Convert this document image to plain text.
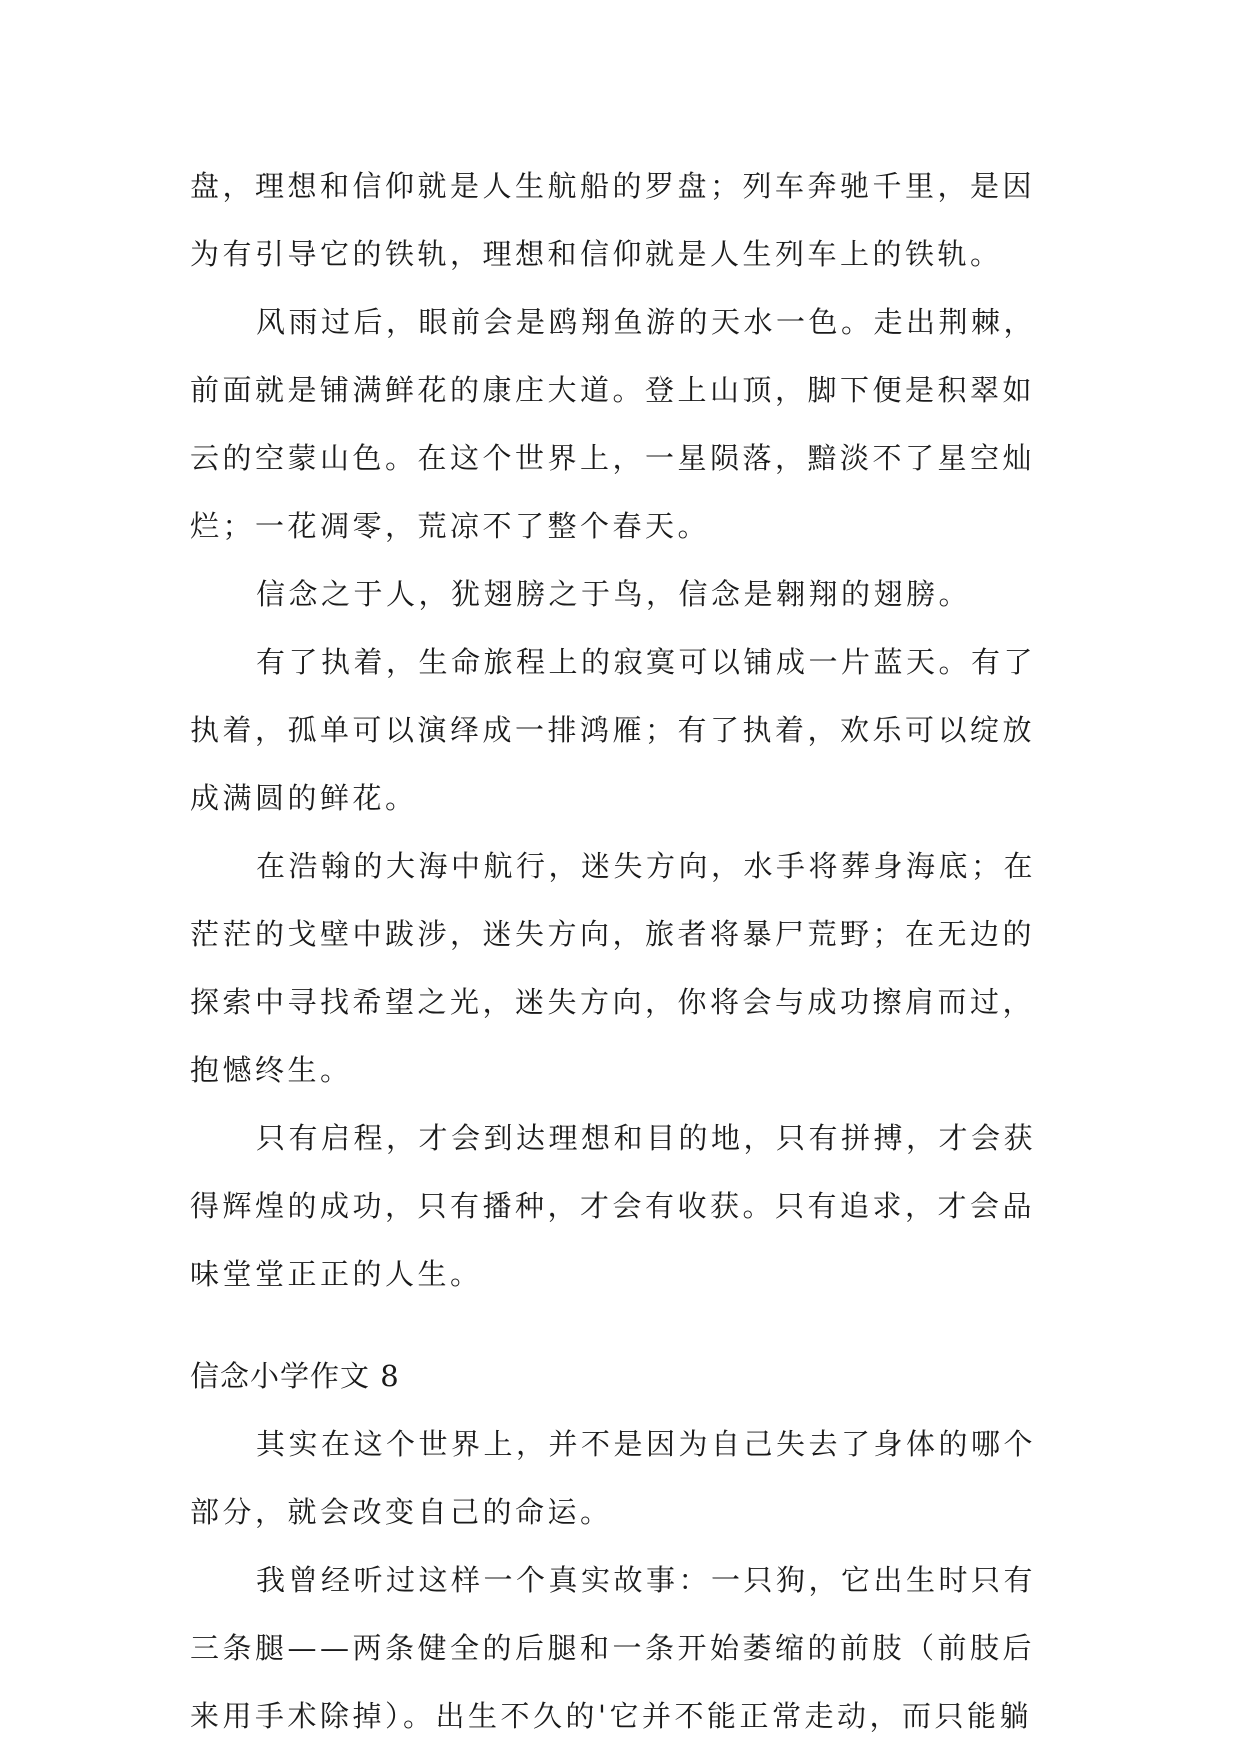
盘，理想和信仰就是人生航船的罗盘；列车奔驰千里，是因
为有引导它的铁轨，理想和信仰就是人生列车上的铁轨。
风雨过后，眼前会是鸥翔鱼游的天水一色。走出荆棘，
前面就是铺满鲜花的康庄大道。登上山顶，脚下便是积翠如
云的空蒙山色。在这个世界上，一星陨落，黯淡不了星空灿
烂；一花凋零，荒凉不了整个春天。
信念之于人，犹翅膀之于鸟，信念是翱翔的翅膀。
有了执着，生命旅程上的寂寞可以铺成一片蓝天。有了
执着，孤单可以演绎成一排鸿雁；有了执着，欢乐可以绽放
成满圆的鲜花。
在浩翰的大海中航行，迷失方向，水手将葬身海底；在
茫茫的戈壁中跋涉，迷失方向，旅者将暴尸荒野；在无边的
探索中寻找希望之光，迷失方向，你将会与成功擦肩而过，
抱憾终生。
只有启程，才会到达理想和目的地，只有拼搏，才会获
得辉煌的成功，只有播种，才会有收获。只有追求，才会品
味堂堂正正的人生。
信念小学作文 8
其实在这个世界上，并不是因为自己失去了身体的哪个
部分，就会改变自己的命运。
我曾经听过这样一个真实故事：一只狗，它出生时只有
三条腿——两条健全的后腿和一条开始萎缩的前肢（前肢后
来用手术除掉）。出生不久的'它并不能正常走动，而只能躺
